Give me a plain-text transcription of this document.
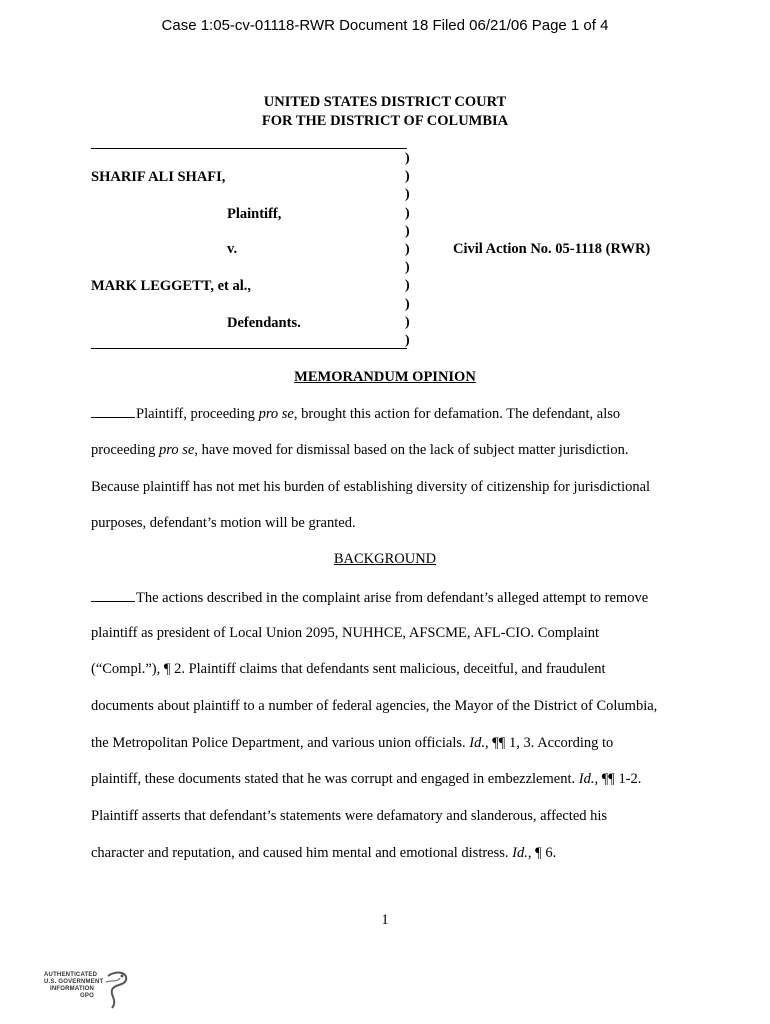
Case 1:05-cv-01118-RWR Document 18 Filed 06/21/06 Page 1 of 4
UNITED STATES DISTRICT COURT
FOR THE DISTRICT OF COLUMBIA
)
)
)
)
)
)
)
)
)
)
)
SHARIF ALI SHAFI,
Plaintiff,
v.	Civil Action No. 05-1118 (RWR)
MARK LEGGETT, et al.,
Defendants.
MEMORANDUM OPINION
Plaintiff, proceeding pro se, brought this action for defamation. The defendant, also
proceeding pro se, have moved for dismissal based on the lack of subject matter jurisdiction.
Because plaintiff has not met his burden of establishing diversity of citizenship for jurisdictional
purposes, defendant’s motion will be granted.
BACKGROUND
The actions described in the complaint arise from defendant’s alleged attempt to remove
plaintiff as president of Local Union 2095, NUHHCE, AFSCME, AFL-CIO. Complaint
(“Compl.”), ¶ 2. Plaintiff claims that defendants sent malicious, deceitful, and fraudulent
documents about plaintiff to a number of federal agencies, the Mayor of the District of Columbia,
the Metropolitan Police Department, and various union officials. Id., ¶¶ 1, 3. According to
plaintiff, these documents stated that he was corrupt and engaged in embezzlement. Id., ¶¶ 1-2.
Plaintiff asserts that defendant’s statements were defamatory and slanderous, affected his
character and reputation, and caused him mental and emotional distress. Id., ¶ 6.
1
AUTHENTICATED
U.S. GOVERNMENT
INFORMATION
GPO
